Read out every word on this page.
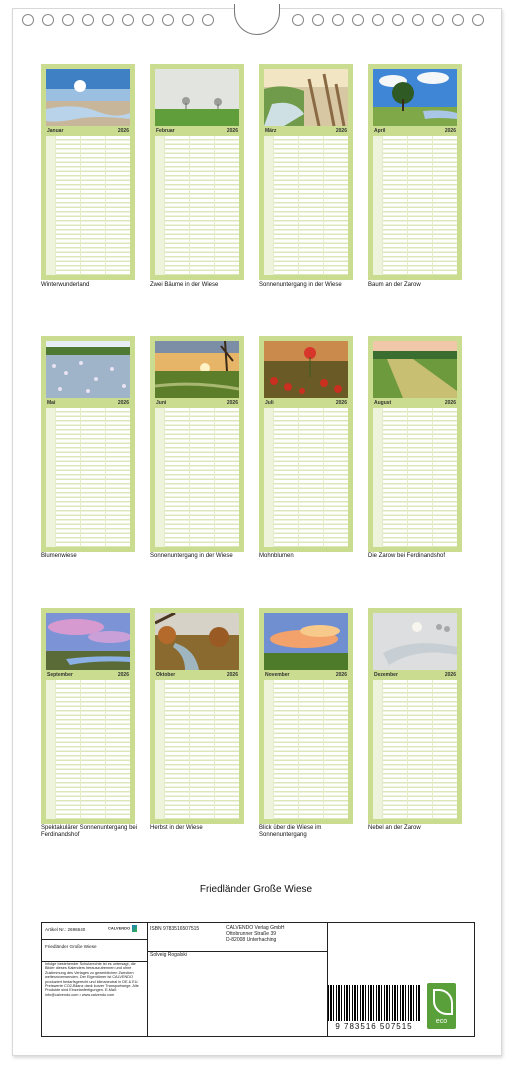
Januar	2026
Winterwunderland
Februar	2026
Zwei Bäume in der Wiese
März	2026
Sonnenuntergang in der Wiese
April	2026
Baum an der Zarow
Mai	2026
Blumenwiese
Juni	2026
Sonnenuntergang in der Wiese
Juli	2026
Mohnblumen
August	2026
Die Zarow bei Ferdinandshof
September	2026
Spektakulärer Sonnenuntergang bei Ferdinandshof
Oktober	2026
Herbst in der Wiese
November	2026
Blick über die Wiese im Sonnenuntergang
Dezember	2026
Nebel an der Zarow
Friedländer Große Wiese
Artikel Nr.: 2696640	CALVENDO
Friedländer Große Wiese
Infolge bestehender Schutzrechte ist es untersagt, die Bilder dieses Kalenders herauszutrennen und ohne Zustimmung des Verlages zu gewerblichen Zwecken weiterzuverwenden. Der Eigentümer ist CALVENDO produziert bedarfsgerecht und klimaneutral in DE & EU. Preiswerte CO2-Bilanz dank kurzer Transportwege. Alle Produkte sind Einzelanfertigungen. E-Mail: info@calvendo.com • www.calvendo.com
ISBN 9783516507515	CALVENDO Verlag GmbH
Ottobrunner Straße 39
D-82008 Unterhaching
Solveig Rogalski
9 783516 507515
eco
